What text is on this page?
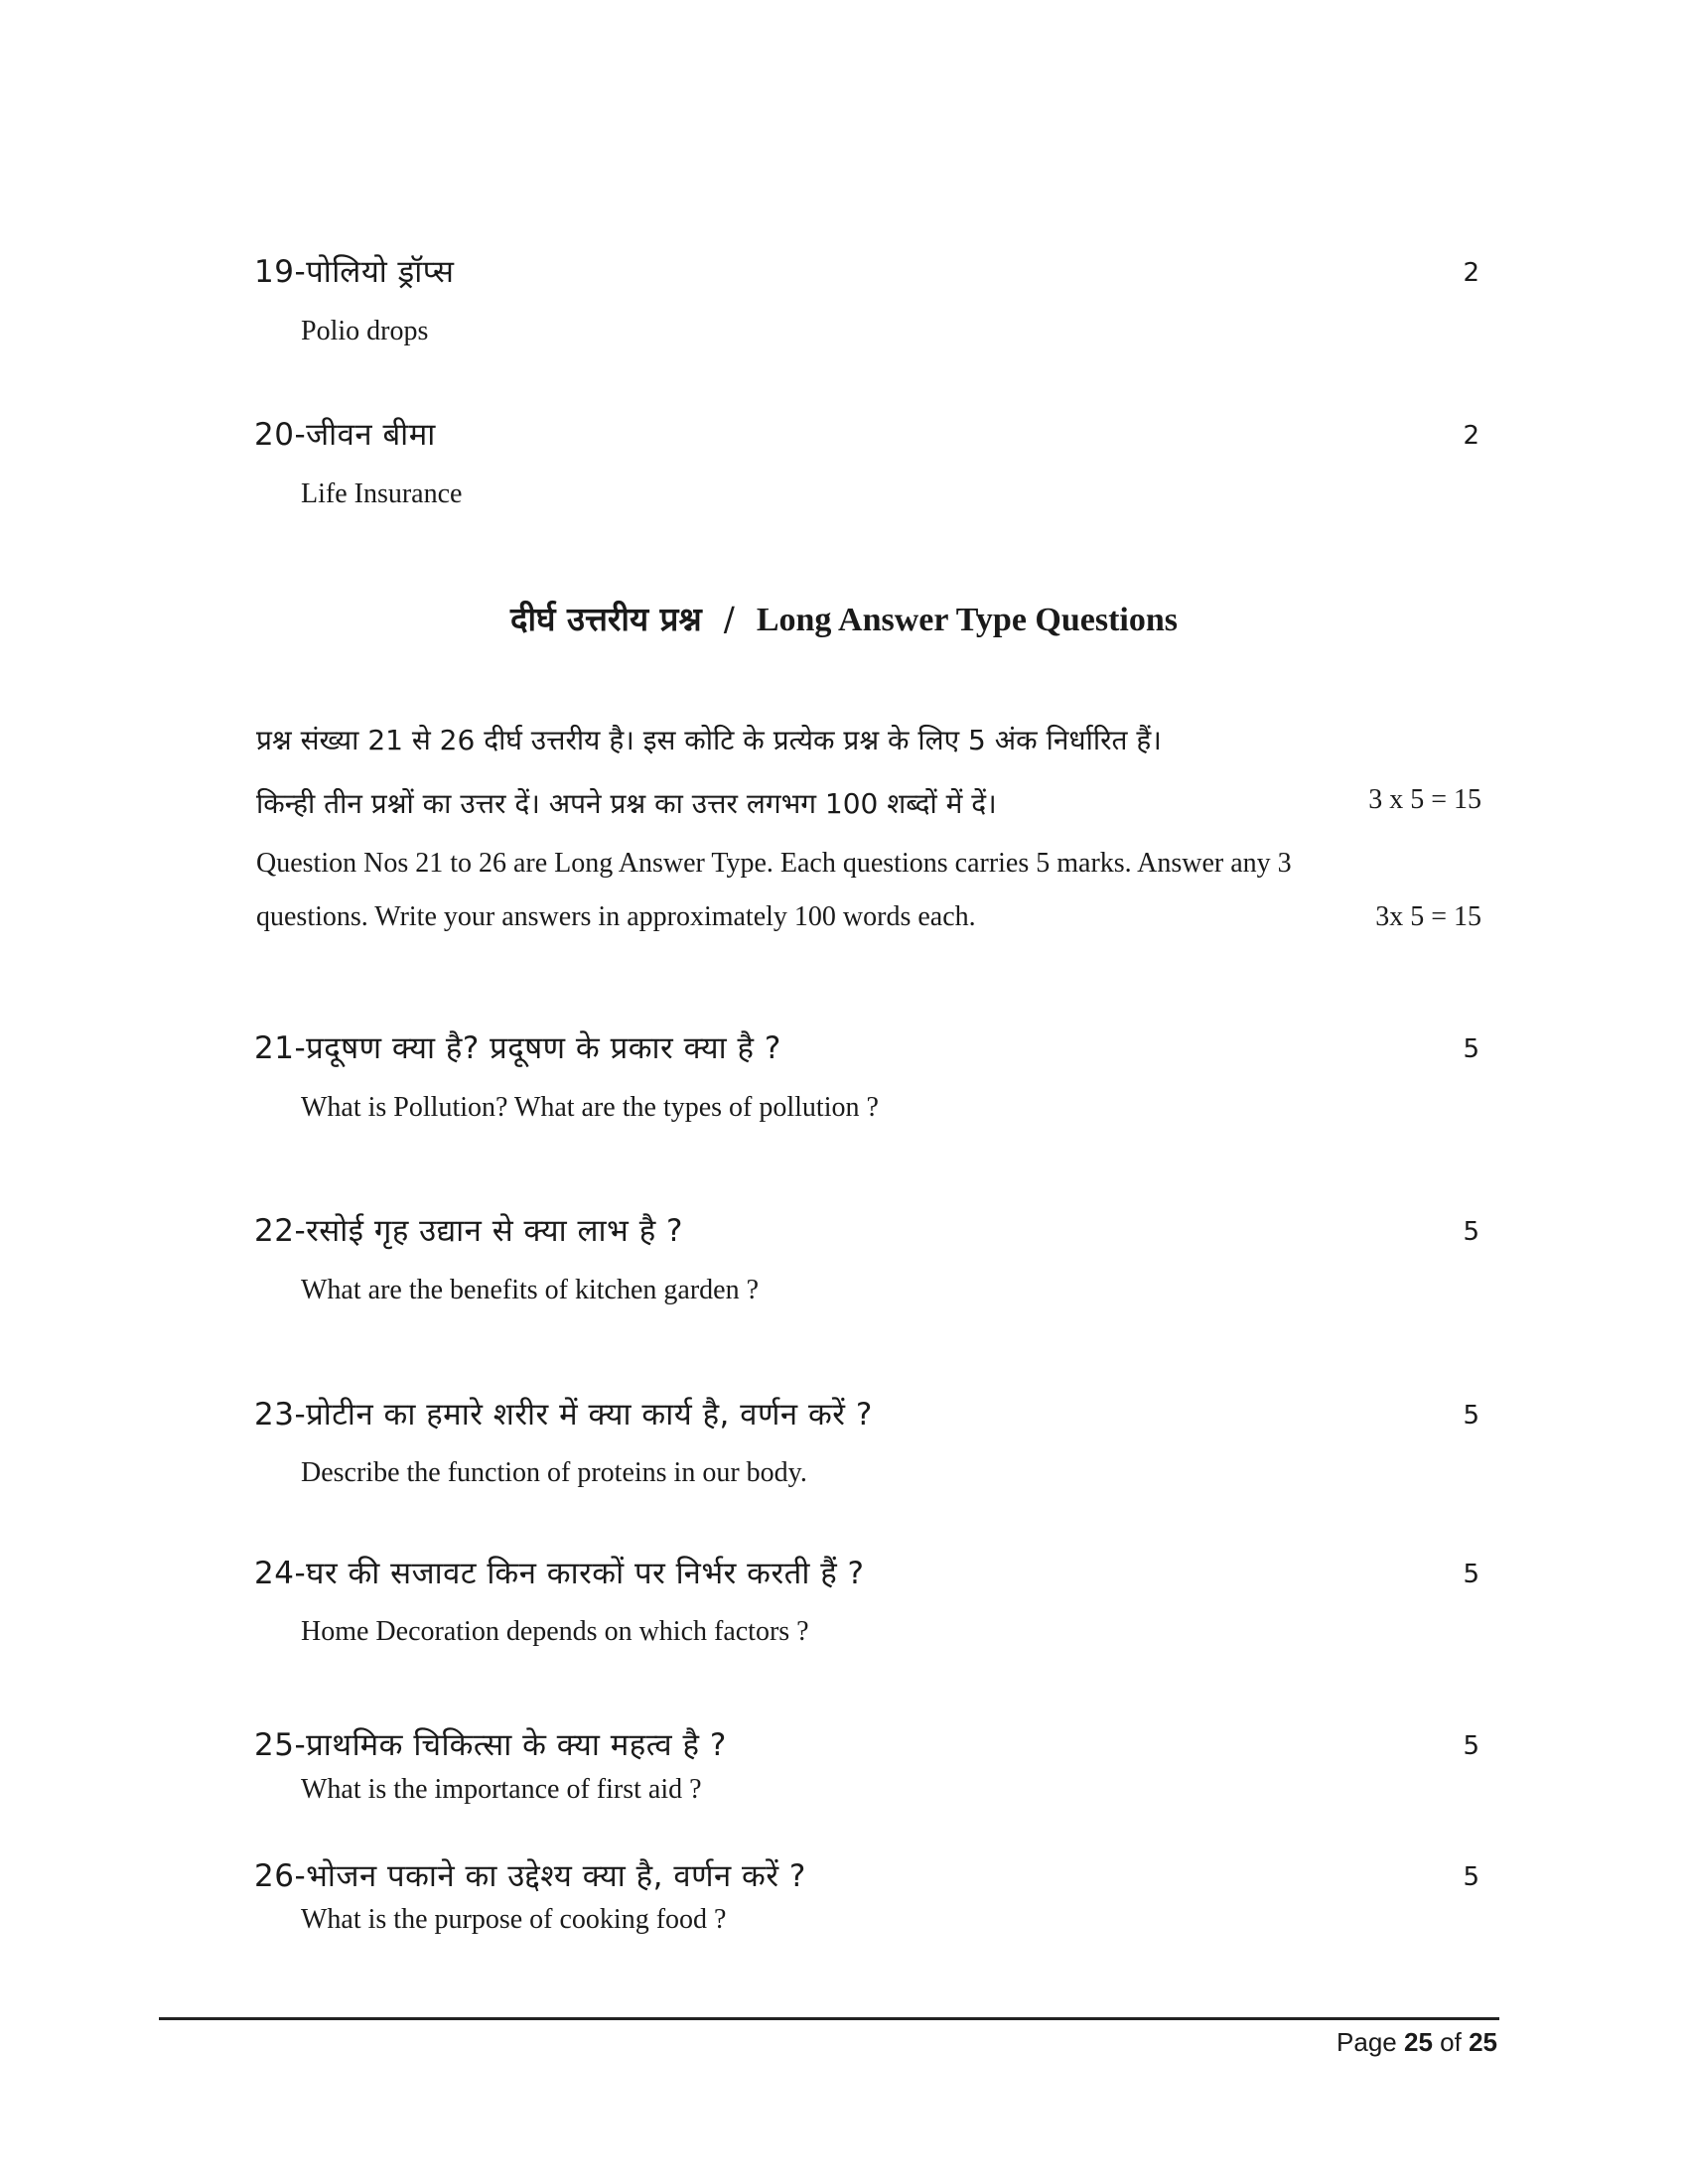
19-पोलियो ड्रॉप्स	2
Polio drops
20-जीवन बीमा	2
Life Insurance
दीर्घ उत्तरीय प्रश्न / Long Answer Type Questions
प्रश्न संख्या 21 से 26 दीर्घ उत्तरीय है। इस कोटि के प्रत्येक प्रश्न के लिए 5 अंक निर्धारित हैं।
किन्ही तीन प्रश्नों का उत्तर दें। अपने प्रश्न का उत्तर लगभग 100 शब्दों में दें।	3 x 5 = 15
Question Nos 21 to 26 are Long Answer Type. Each questions carries 5 marks. Answer any 3
questions. Write your answers in approximately 100 words each.	3x 5 = 15
21-प्रदूषण क्या है? प्रदूषण के प्रकार क्या है ?	5
What is Pollution? What are the types of pollution ?
22-रसोई गृह उद्यान से क्या लाभ है ?	5
What are the benefits of kitchen garden ?
23-प्रोटीन का हमारे शरीर में क्या कार्य है, वर्णन करें ?	5
Describe the function of proteins in our body.
24-घर की सजावट किन कारकों पर निर्भर करती हैं ?	5
Home Decoration depends on which factors ?
25-प्राथमिक चिकित्सा के क्या महत्व है ?	5
What is the importance of first aid ?
26-भोजन पकाने का उद्देश्य क्या है, वर्णन करें ?	5
What is the purpose of cooking food ?
Page 25 of 25
